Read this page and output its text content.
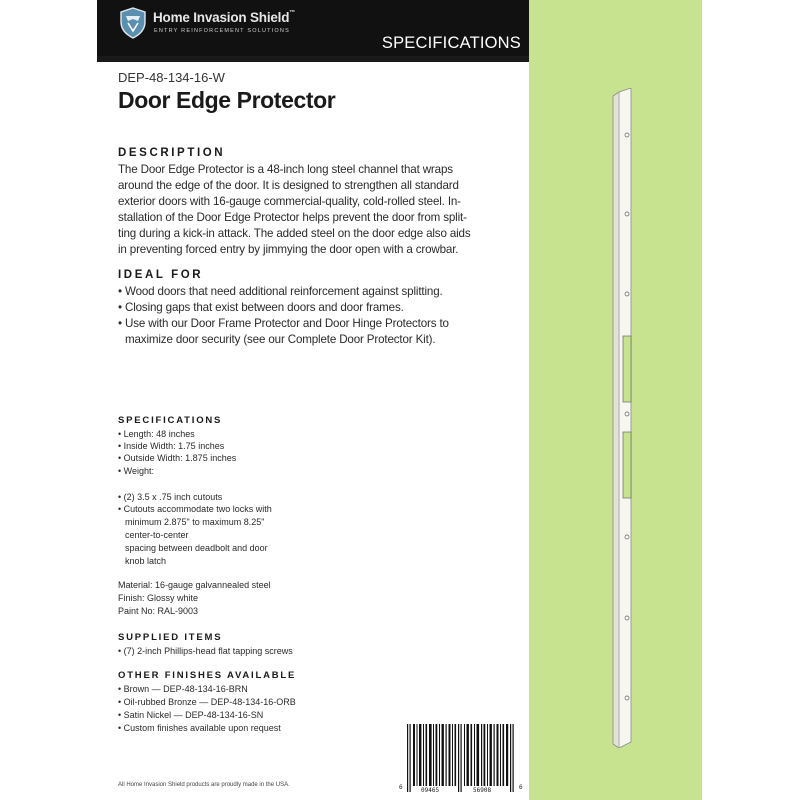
Home Invasion Shield™
ENTRY REINFORCEMENT SOLUTIONS
SPECIFICATIONS
DEP-48-134-16-W
Door Edge Protector
DESCRIPTION
The Door Edge Protector is a 48-inch long steel channel that wraps
around the edge of the door. It is designed to strengthen all standard
exterior doors with 16-gauge commercial-quality, cold-rolled steel. In-
stallation of the Door Edge Protector helps prevent the door from split-
ting during a kick-in attack. The added steel on the door edge also aids
in preventing forced entry by jimmying the door open with a crowbar.
IDEAL FOR
• Wood doors that need additional reinforcement against splitting.
• Closing gaps that exist between doors and door frames.
• Use with our Door Frame Protector and Door Hinge Protectors to
maximize door security (see our Complete Door Protector Kit).
SPECIFICATIONS
• Length: 48 inches
• Inside Width: 1.75 inches
• Outside Width: 1.875 inches
• Weight:
• (2) 3.5 x .75 inch cutouts
• Cutouts accommodate two locks with
minimum 2.875" to maximum 8.25"
center-to-center
spacing between deadbolt and door
knob latch
Material: 16-gauge galvannealed steel
Finish: Glossy white
Paint No: RAL-9003
SUPPLIED ITEMS
• (7) 2-inch Phillips-head flat tapping screws
OTHER FINISHES AVAILABLE
• Brown — DEP-48-134-16-BRN
• Oil-rubbed Bronze — DEP-48-134-16-ORB
• Satin Nickel — DEP-48-134-16-SN
• Custom finishes available upon request
All Home Invasion Shield products are proudly made in the USA.	6	09465	56908	6
